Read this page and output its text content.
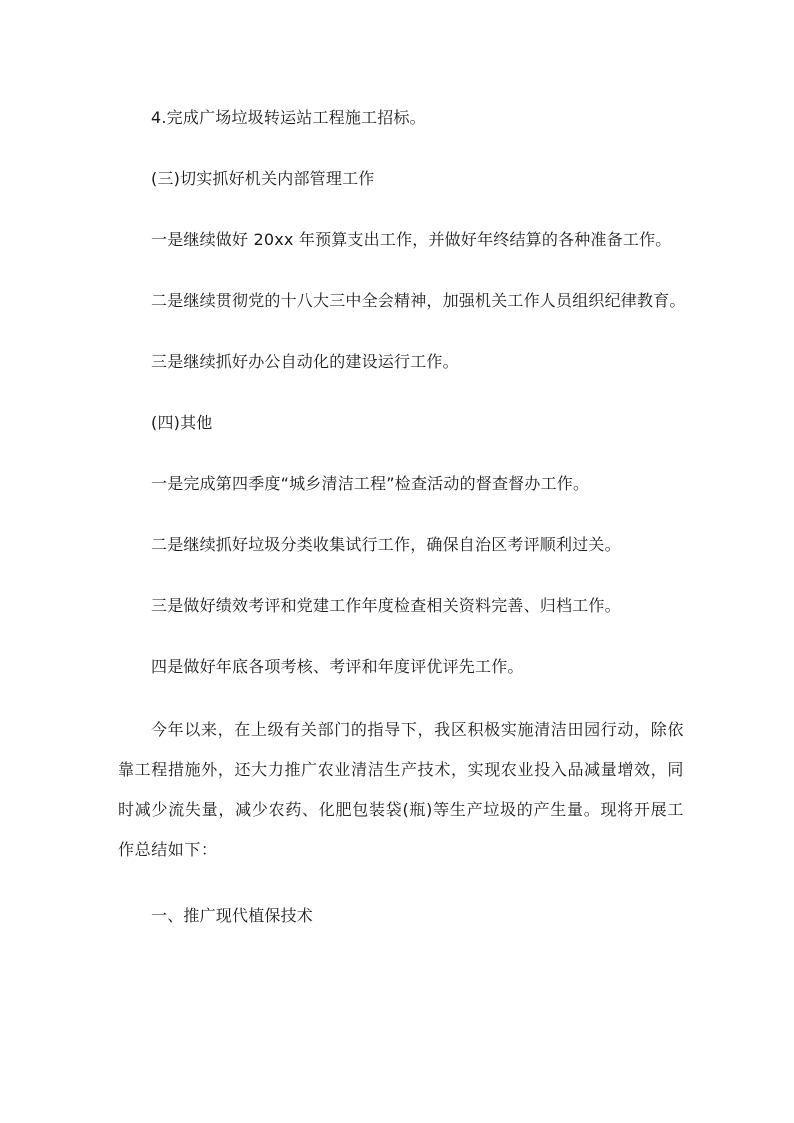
4.完成广场垃圾转运站工程施工招标。
(三)切实抓好机关内部管理工作
一是继续做好 20xx 年预算支出工作，并做好年终结算的各种准备工作。
二是继续贯彻党的十八大三中全会精神，加强机关工作人员组织纪律教育。
三是继续抓好办公自动化的建设运行工作。
(四)其他
一是完成第四季度“城乡清洁工程”检查活动的督查督办工作。
二是继续抓好垃圾分类收集试行工作，确保自治区考评顺利过关。
三是做好绩效考评和党建工作年度检查相关资料完善、归档工作。
四是做好年底各项考核、考评和年度评优评先工作。
今年以来，在上级有关部门的指导下，我区积极实施清洁田园行动，除依靠工程措施外，还大力推广农业清洁生产技术，实现农业投入品减量增效，同时减少流失量，减少农药、化肥包装袋(瓶)等生产垃圾的产生量。现将开展工作总结如下：
一、推广现代植保技术
